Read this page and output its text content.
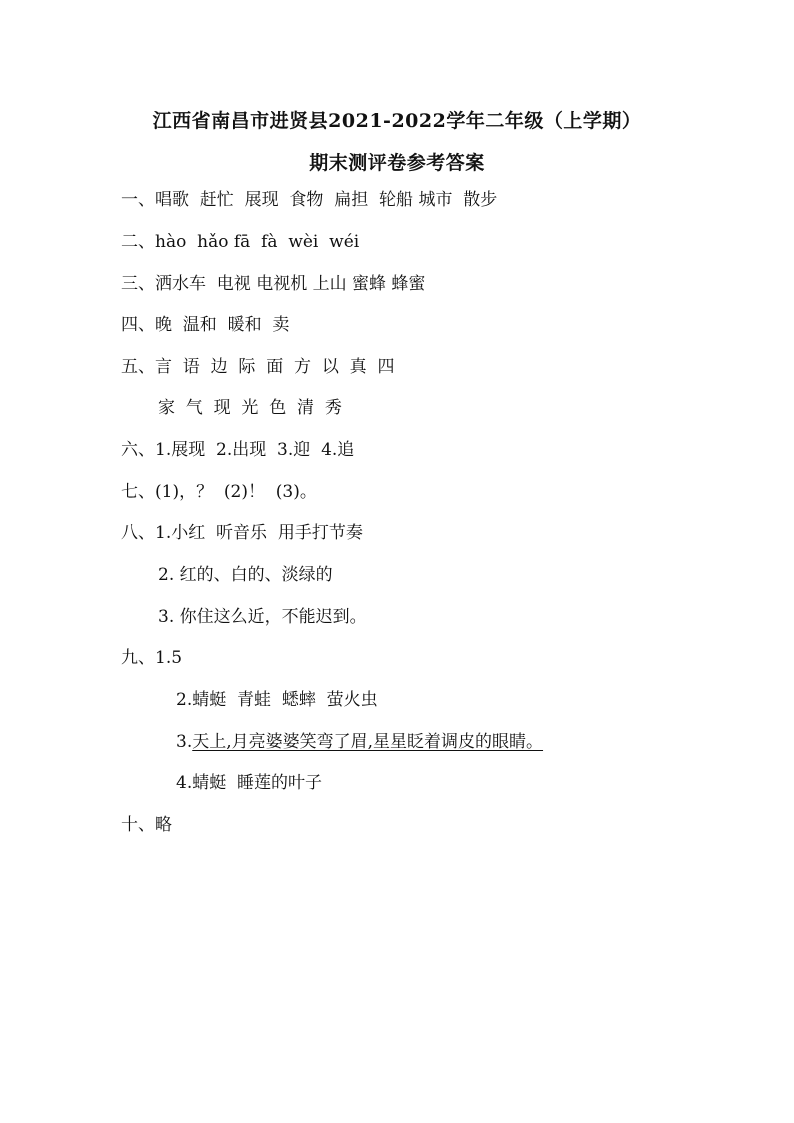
江西省南昌市进贤县2021-2022学年二年级（上学期）
期末测评卷参考答案
一、唱歌  赶忙  展现  食物  扁担  轮船 城市  散步
二、hào  hǎo fā  fà  wèi  wéi
三、洒水车  电视 电视机 上山 蜜蜂 蜂蜜
四、晚  温和  暖和  卖
五、言  语  边  际  面  方  以  真  四
家  气  现  光  色  清  秀
六、1.展现  2.出现  3.迎  4.追
七、(1)，？  (2)！  (3)。
八、1.小红  听音乐  用手打节奏
2. 红的、白的、淡绿的
3. 你住这么近，不能迟到。
九、1.5
2.蜻蜓  青蛙  蟋蟀  萤火虫
3.天上,月亮婆婆笑弯了眉,星星眨着调皮的眼睛。
4.蜻蜓  睡莲的叶子
十、略
